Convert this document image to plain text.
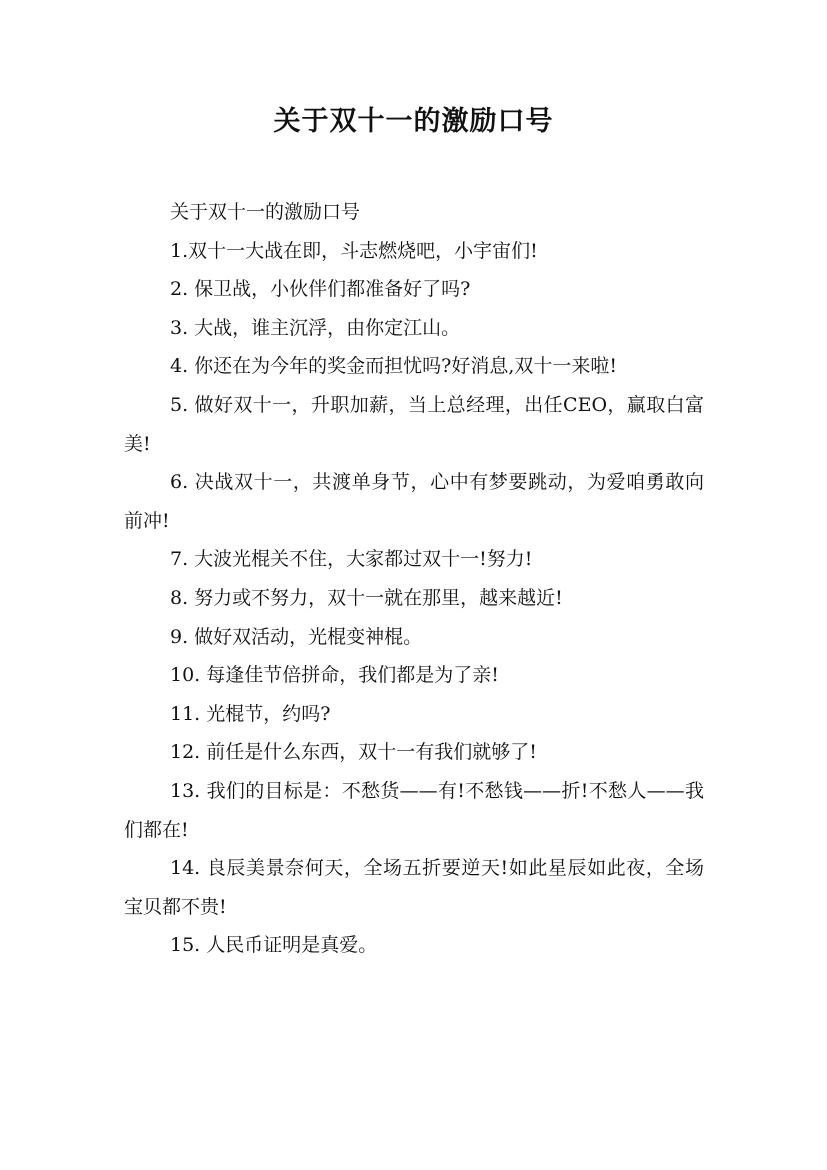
关于双十一的激励口号

关于双十一的激励口号

1.双十一大战在即，斗志燃烧吧，小宇宙们!

2. 保卫战，小伙伴们都准备好了吗?

3. 大战，谁主沉浮，由你定江山。

4. 你还在为今年的奖金而担忧吗?好消息,双十一来啦!

5. 做好双十一，升职加薪，当上总经理，出任CEO，赢取白富美!

6. 决战双十一，共渡单身节，心中有梦要跳动，为爱咱勇敢向前冲!

7. 大波光棍关不住，大家都过双十一!努力!

8. 努力或不努力，双十一就在那里，越来越近!

9. 做好双活动，光棍变神棍。

10. 每逢佳节倍拼命，我们都是为了亲!

11. 光棍节，约吗?

12. 前任是什么东西，双十一有我们就够了!

13. 我们的目标是：不愁货——有!不愁钱——折!不愁人——我们都在!

14. 良辰美景奈何天，全场五折要逆天!如此星辰如此夜，全场宝贝都不贵!

15. 人民币证明是真爱。
